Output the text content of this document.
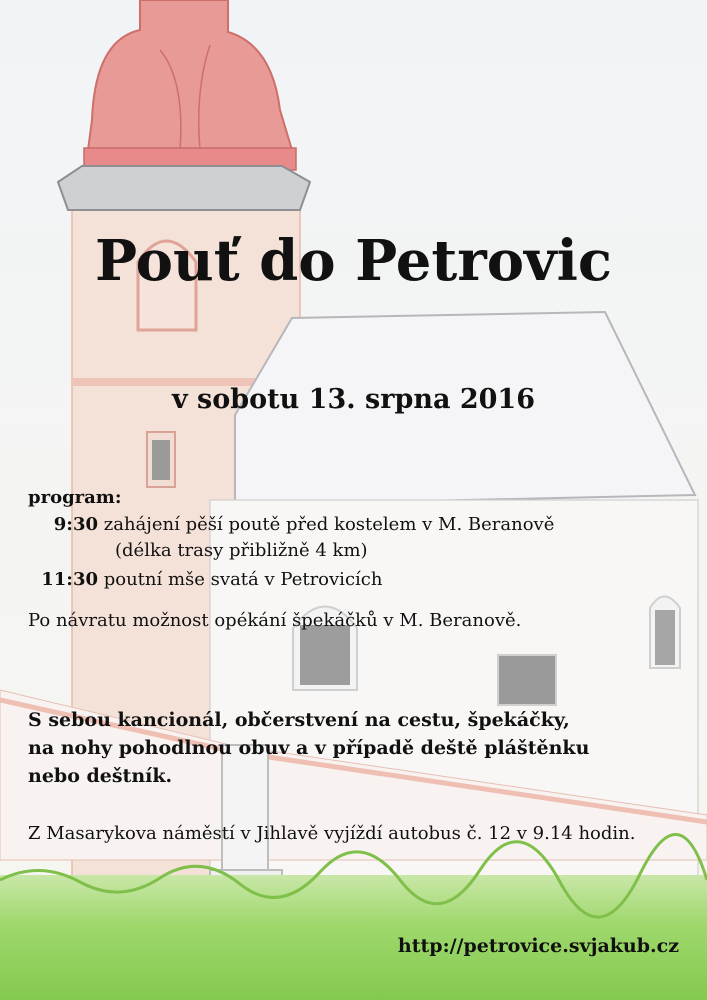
Pouť do Petrovic
v sobotu 13. srpna 2016
program:
9:30 zahájení pěší poutě před kostelem v M. Beranově
(délka trasy přibližně 4 km)
11:30 poutní mše svatá v Petrovicích
Po návratu možnost opékání špekáčků v M. Beranově.
S sebou kancionál, občerstvení na cestu, špekáčky,
na nohy pohodlnou obuv a v případě deště pláštěnku
nebo deštník.
Z Masarykova náměstí v Jihlavě vyjíždí autobus č. 12 v 9.14 hodin.
http://petrovice.svjakub.cz
